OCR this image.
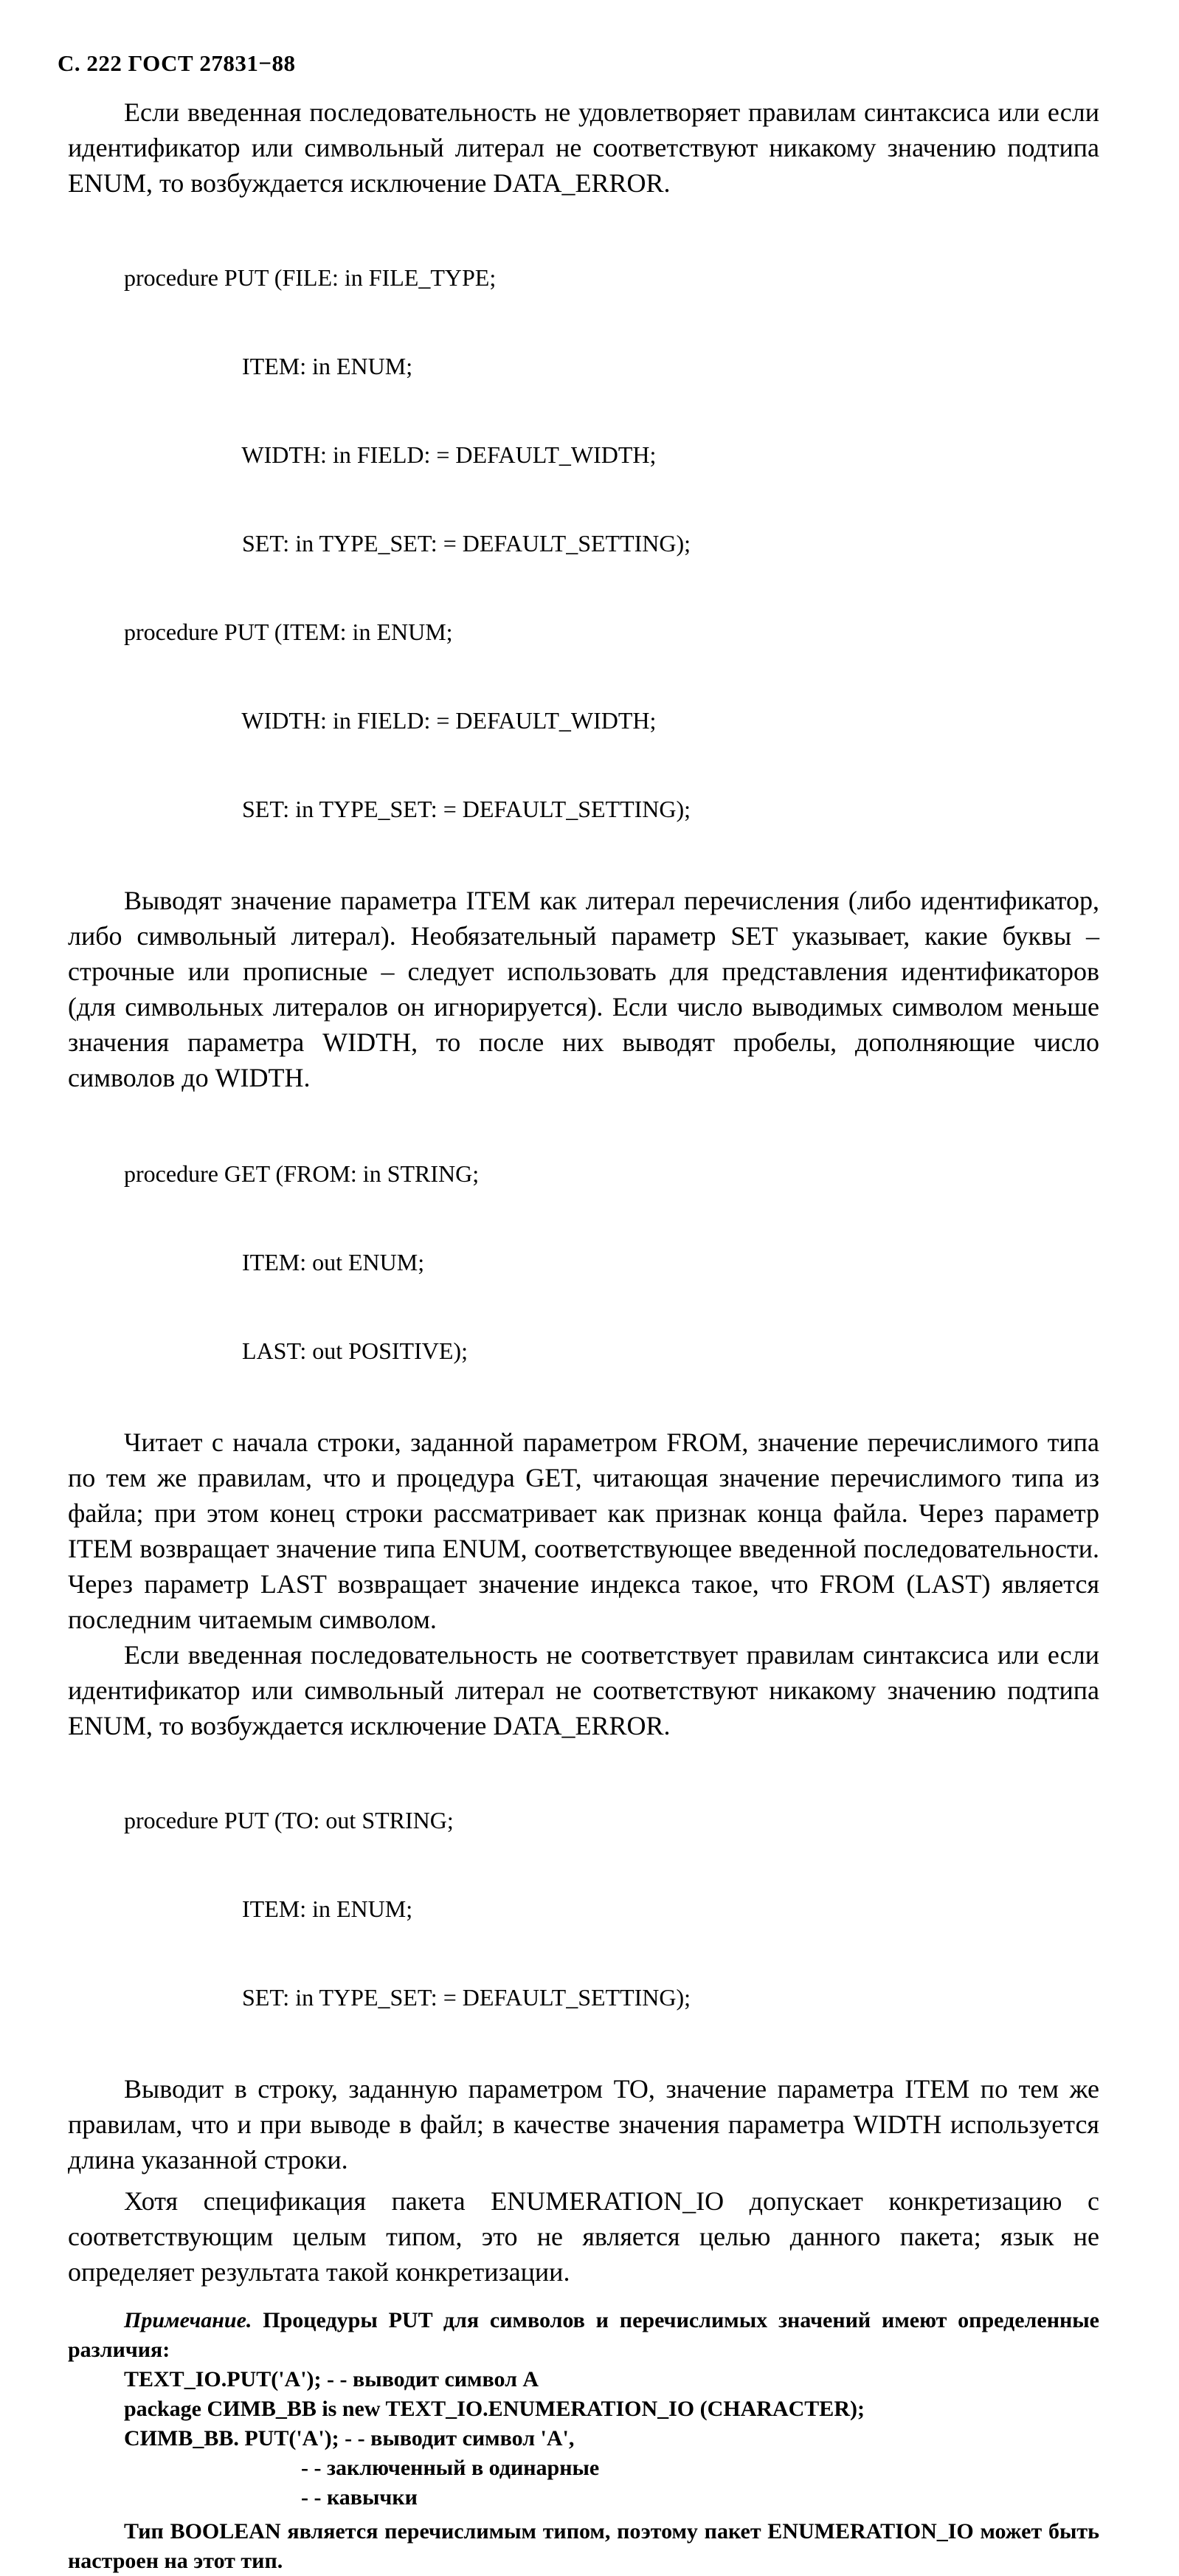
С. 222 ГОСТ 27831−88

Если введенная последовательность не удовлетворяет правилам синтаксиса или если идентификатор или символьный литерал не соответствуют никакому значению подтипа ENUM, то возбуждается исключение DATA_ERROR.

procedure PUT (FILE: in FILE_TYPE;

ITEM: in ENUM;

WIDTH: in FIELD: = DEFAULT_WIDTH;

SET: in TYPE_SET: = DEFAULT_SETTING);

procedure PUT (ITEM: in ENUM;

WIDTH: in FIELD: = DEFAULT_WIDTH;

SET: in TYPE_SET: = DEFAULT_SETTING);

Выводят значение параметра ITEM как литерал перечисления (либо идентификатор, либо символьный литерал). Необязательный параметр SET указывает, какие буквы – строчные или прописные – следует использовать для представления идентификаторов (для символьных литералов он игнорируется). Если число выводимых символом меньше значения параметра WIDTH, то после них выводят пробелы, дополняющие число символов до WIDTH.

procedure GET (FROM: in STRING;

ITEM: out ENUM;

LAST: out POSITIVE);

Читает с начала строки, заданной параметром FROM, значение перечислимого типа по тем же правилам, что и процедура GET, читающая значение перечислимого типа из файла; при этом конец строки рассматривает как признак конца файла. Через параметр ITEM возвращает значение типа ENUM, соответствующее введенной последовательности. Через параметр LAST возвращает значение индекса такое, что FROM (LAST) является последним читаемым символом.

Если введенная последовательность не соответствует правилам синтаксиса или если идентификатор или символьный литерал не соответствуют никакому значению подтипа ENUM, то возбуждается исключение DATA_ERROR.

procedure PUT (TO: out STRING;

ITEM: in ENUM;

SET: in TYPE_SET: = DEFAULT_SETTING);

Выводит в строку, заданную параметром TO, значение параметра ITEM по тем же правилам, что и при выводе в файл; в качестве значения параметра WIDTH используется длина указанной строки.

Хотя спецификация пакета ENUMERATION_IO допускает конкретизацию с соответствующим целым типом, это не является целью данного пакета; язык не определяет результата такой конкретизации.

Примечание. Процедуры PUT для символов и перечислимых значений имеют определенные различия:

TEXT_IO.PUT('A'); - - выводит символ A
package СИМВ_BB is new TEXT_IO.ENUMERATION_IO (CHARACTER);
СИМВ_BB. PUT('A'); - - выводит символ 'A',
- - заключенный в одинарные
- - кавычки

Тип BOOLEAN является перечислимым типом, поэтому пакет ENUMERATION_IO может быть настроен на этот тип.
